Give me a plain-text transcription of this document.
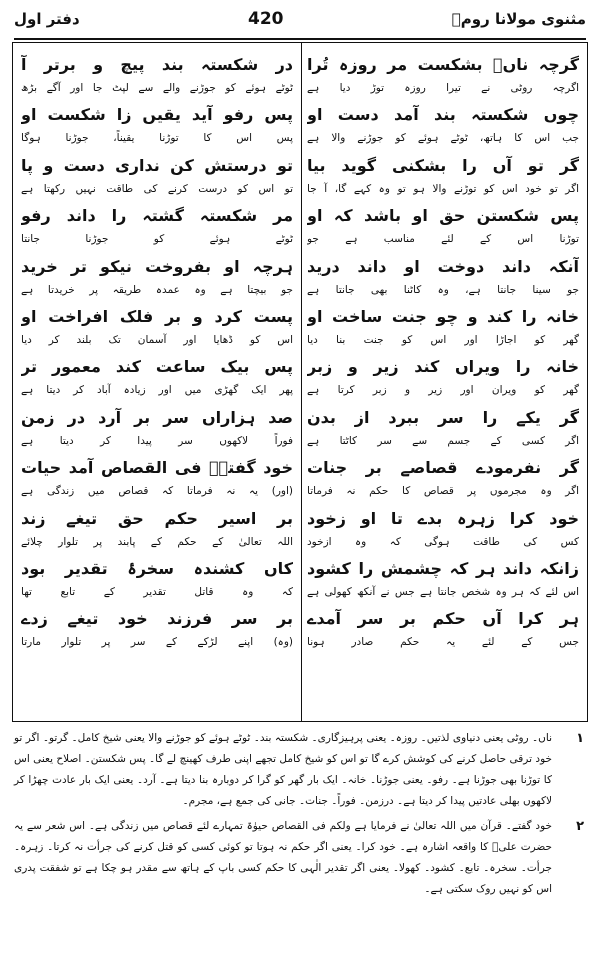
مثنوی مولانا رومؒ
420
دفتر اول
گرچہ ناںؑ بشکست مر روزہ تُرا
اگرچہ روٹی نے تیرا روزہ توڑ دیا ہے
چوں شکستہ بند آمد دست او
جب اس کا ہاتھ، ٹوٹے ہوئے کو جوڑنے والا ہے
گر تو آں را بشکنی گوید بیا
اگر تو خود اس کو توڑنے والا ہو تو وہ کہے گا، آ جا
پس شکستن حق او باشد کہ او
توڑنا اس کے لئے مناسب ہے جو
آنکہ داند دوخت او داند درید
جو سینا جانتا ہے، وہ کاٹنا بھی جانتا ہے
خانہ را کند و چو جنت ساخت او
گھر کو اجاڑا اور اس کو جنت بنا دیا
خانہ را ویراں کند زیر و زبر
گھر کو ویران اور زیر و زبر کرتا ہے
گر یکے را سر ببرد از بدن
اگر کسی کے جسم سے سر کاٹتا ہے
گر نفرمودے قصاصے بر جنات
اگر وہ مجرموں پر قصاص کا حکم نہ فرماتا
خود کرا زہرہ بدے تا او زخود
کس کی طاقت ہوگی کہ وہ ازخود
زانکہ داند ہر کہ چشمش را کشود
اس لئے کہ ہر وہ شخص جانتا ہے جس نے آنکھ کھولی ہے
ہر کرا آں حکم بر سر آمدے
جس کے لئے یہ حکم صادر ہونا
در شکستہ بند پیچ و برتر آ
ٹوٹے ہوئے کو جوڑنے والے سے لپٹ جا اور آگے بڑھ
پس رفو آید یقیں زا شکست او
پس اس کا توڑنا یقیناً، جوڑنا ہوگا
تو درستش کن نداری دست و پا
تو اس کو درست کرنے کی طاقت نہیں رکھتا ہے
مر شکستہ گشتہ را داند رفو
ٹوٹے ہوئے کو جوڑنا جانتا
ہرچہ او بفروخت نیکو تر خرید
جو بیچتا ہے وہ عمدہ طریقہ پر خریدتا ہے
پست کرد و بر فلک افراخت او
اس کو ڈھایا اور آسمان تک بلند کر دیا
پس بیک ساعت کند معمور تر
پھر ایک گھڑی میں اور زیادہ آباد کر دیتا ہے
صد ہزاراں سر بر آرد در زمن
فوراً لاکھوں سر پیدا کر دیتا ہے
خود گفتےؑ فی القصاص آمد حیات
(اور) یہ نہ فرماتا کہ قصاص میں زندگی ہے
بر اسیر حکم حق تیغے زند
اللہ تعالیٰ کے حکم کے پابند پر تلوار چلائے
کاں کشندہ سخرۂ تقدیر بود
کہ وہ قاتل تقدیر کے تابع تھا
بر سر فرزند خود تیغے زدے
(وہ) اپنے لڑکے کے سر پر تلوار مارتا
۱
ناں۔ روٹی یعنی دنیاوی لذتیں۔ روزہ۔ یعنی پرہیزگاری۔ شکستہ بند۔ ٹوٹے ہوئے کو جوڑنے والا یعنی شیخ کامل۔ گرتو۔ اگر تو خود ترقی حاصل کرنے کی کوشش کرے گا تو اس کو شیخ کامل تجھے اپنی طرف کھینچ لے گا۔ پس شکستن۔ اصلاح یعنی اس کا توڑنا بھی جوڑنا ہے۔ رفو۔ یعنی جوڑنا۔ خانہ۔ ایک بار گھر کو گرا کر دوبارہ بنا دیتا ہے۔ آرد۔ یعنی ایک بار عادت چھڑا کر لاکھوں بھلی عادتیں پیدا کر دیتا ہے۔ درزمن۔ فوراً۔ جنات۔ جانی کی جمع ہے، مجرم۔
۲
خود گفتے۔ قرآن میں اللہ تعالیٰ نے فرمایا ہے ولکم فی القصاص حیوٰۃ تمہارے لئے قصاص میں زندگی ہے۔ اس شعر سے یہ حضرت علیؓ کا واقعہ اشارہ ہے۔ خود کرا۔ یعنی اگر حکم نہ ہوتا تو کوئی کسی کو قتل کرنے کی جرأت نہ کرتا۔ زہرہ۔ جرأت۔ سخرہ۔ تابع۔ کشود۔ کھولا۔ یعنی اگر تقدیر الٰہی کا حکم کسی باپ کے ہاتھ سے مقدر ہو چکا ہے تو شفقت پدری اس کو نہیں روک سکتی ہے۔
